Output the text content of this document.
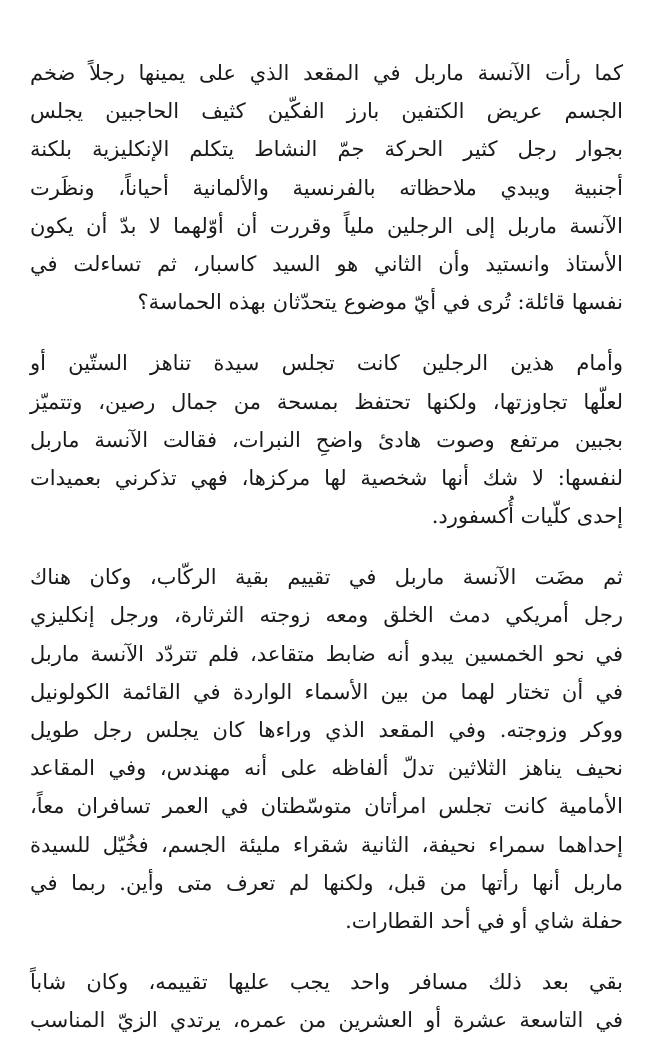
كما رأت الآنسة ماربل في المقعد الذي على يمينها رجلاً ضخم
الجسم عريض الكتفين بارز الفكّين كثيف الحاجبين يجلس
بجوار رجل كثير الحركة جمّ النشاط يتكلم الإنكليزية بلكنة
أجنبية ويبدي ملاحظاته بالفرنسية والألمانية أحياناً، ونظَرت
الآنسة ماربل إلى الرجلين ملياً وقررت أن أوّلهما لا بدّ أن يكون
الأستاذ وانستيد وأن الثاني هو السيد كاسبار، ثم تساءلت في
نفسها قائلة: تُرى في أيّ موضوع يتحدّثان بهذه الحماسة؟

وأمام هذين الرجلين كانت تجلس سيدة تناهز الستّين أو
لعلّها تجاوزتها، ولكنها تحتفظ بمسحة من جمال رصين، وتتميّز
بجبين مرتفع وصوت هادئ واضحِ النبرات، فقالت الآنسة ماربل
لنفسها: لا شك أنها شخصية لها مركزها، فهي تذكرني بعميدات
إحدى كلّيات أُكسفورد.

ثم مضَت الآنسة ماربل في تقييم بقية الركّاب، وكان هناك
رجل أمريكي دمث الخلق ومعه زوجته الثرثارة، ورجل إنكليزي
في نحو الخمسين يبدو أنه ضابط متقاعد، فلم تتردّد الآنسة ماربل
في أن تختار لهما من بين الأسماء الواردة في القائمة الكولونيل
ووكر وزوجته. وفي المقعد الذي وراءها كان يجلس رجل طويل
نحيف يناهز الثلاثين تدلّ ألفاظه على أنه مهندس، وفي المقاعد
الأمامية كانت تجلس امرأتان متوسّطتان في العمر تسافران معاً،
إحداهما سمراء نحيفة، الثانية شقراء مليئة الجسم، فخُيّل للسيدة
ماربل أنها رأتها من قبل، ولكنها لم تعرف متى وأين. ربما في
حفلة شاي أو في أحد القطارات.

بقي بعد ذلك مسافر واحد يجب عليها تقييمه، وكان شاباً
في التاسعة عشرة أو العشرين من عمره، يرتدي الزيّ المناسب
